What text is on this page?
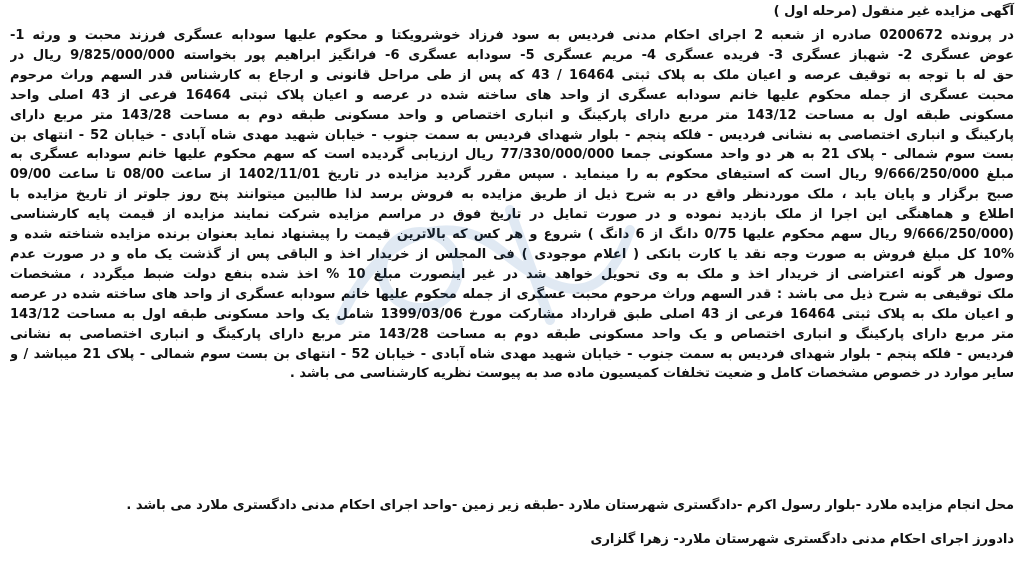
آگهی مزایده غیر منقول (مرحله اول )
در پرونده 0200672 صادره از شعبه 2 اجرای احکام مدنی فردیس به سود فرزاد خوشرویکتا و محکوم علیها سودابه عسگری فرزند محبت و ورثه 1-
عوض عسگری 2- شهباز عسگری 3- فریده عسگری 4- مریم عسگری 5- سودابه عسگری 6- فرانگیز ابراهیم پور بخواسته 9/825/000/000 ریال در
حق له با توجه به توقیف عرصه و اعیان ملک به پلاک ثبتی 16464 / 43 که پس از طی مراحل قانونی و ارجاع به کارشناس قدر السهم وراث مرحوم
محبت عسگری از جمله محکوم علیها خانم سودابه عسگری از واحد های ساخته شده در عرصه و اعیان پلاک ثبتی 16464 فرعی از 43 اصلی واحد
مسکونی طبقه اول به مساحت 143/12 متر مربع دارای پارکینگ و انباری اختصاص و واحد مسکونی طبقه دوم به مساحت 143/28 متر مربع دارای
پارکینگ و انباری اختصاصی به نشانی فردیس - فلکه پنجم - بلوار شهدای فردیس به سمت جنوب - خیابان شهید مهدی شاه آبادی - خیابان 52 - انتهای بن
بست سوم شمالی - پلاک 21 به هر دو واحد مسکونی جمعا 77/330/000/000 ریال ارزیابی گردیده است که سهم محکوم علیها خانم سودابه عسگری به
مبلغ 9/666/250/000 ریال است که استیفای محکوم به را مینماید . سپس مقرر گردید مزایده در تاریخ 1402/11/01 از ساعت 08/00 تا ساعت 09/00
صبح برگزار و پایان یابد ، ملک موردنظر واقع در به شرح ذیل از طریق مزایده به فروش برسد لذا طالبین میتوانند پنج روز جلوتر از تاریخ مزایده با
اطلاع و هماهنگی این اجرا از ملک بازدید نموده و در صورت تمایل در تاریخ فوق در مراسم مزایده شرکت نمایند مزایده از قیمت پایه کارشناسی
(9/666/250/000 ریال سهم محکوم علیها 0/75 دانگ از 6 دانگ ) شروع و هر کس که بالاترین قیمت را پیشنهاد نماید بعنوان برنده مزایده شناخته شده و
10% کل مبلغ فروش به صورت وجه نقد یا کارت بانکی ( اعلام موجودی ) فی المجلس از خریدار اخذ و الباقی پس از گذشت یک ماه و در صورت عدم
وصول هر گونه اعتراضی از خریدار اخذ و ملک به وی تحویل خواهد شد در غیر اینصورت مبلغ 10 % اخذ شده بنفع دولت ضبط میگردد ، مشخصات
ملک توقیفی به شرح ذیل می باشد : قدر السهم وراث مرحوم محبت عسگری از جمله محکوم علیها خانم سودابه عسگری از واحد های ساخته شده در عرصه
و اعیان ملک به پلاک ثبتی 16464 فرعی از 43 اصلی طبق قرارداد مشارکت مورخ 1399/03/06 شامل یک واحد مسکونی طبقه اول به مساحت 143/12
متر مربع دارای پارکینگ و انباری اختصاص و یک واحد مسکونی طبقه دوم به مساحت 143/28 متر مربع دارای پارکینگ و انباری اختصاصی به نشانی
فردیس - فلکه پنجم - بلوار شهدای فردیس به سمت جنوب - خیابان شهید مهدی شاه آبادی - خیابان 52 - انتهای بن بست سوم شمالی - پلاک 21 میباشد / و
سایر موارد در خصوص مشخصات کامل و ضعیت تخلفات کمیسیون ماده صد به پیوست نظریه کارشناسی می باشد .
محل انجام مزایده ملارد -بلوار رسول اکرم -دادگستری شهرستان ملارد -طبقه زیر زمین -واحد اجرای احکام مدنی دادگستری ملارد می باشد .
دادورز اجرای احکام مدنی دادگستری شهرستان ملارد- زهرا گلزاری
